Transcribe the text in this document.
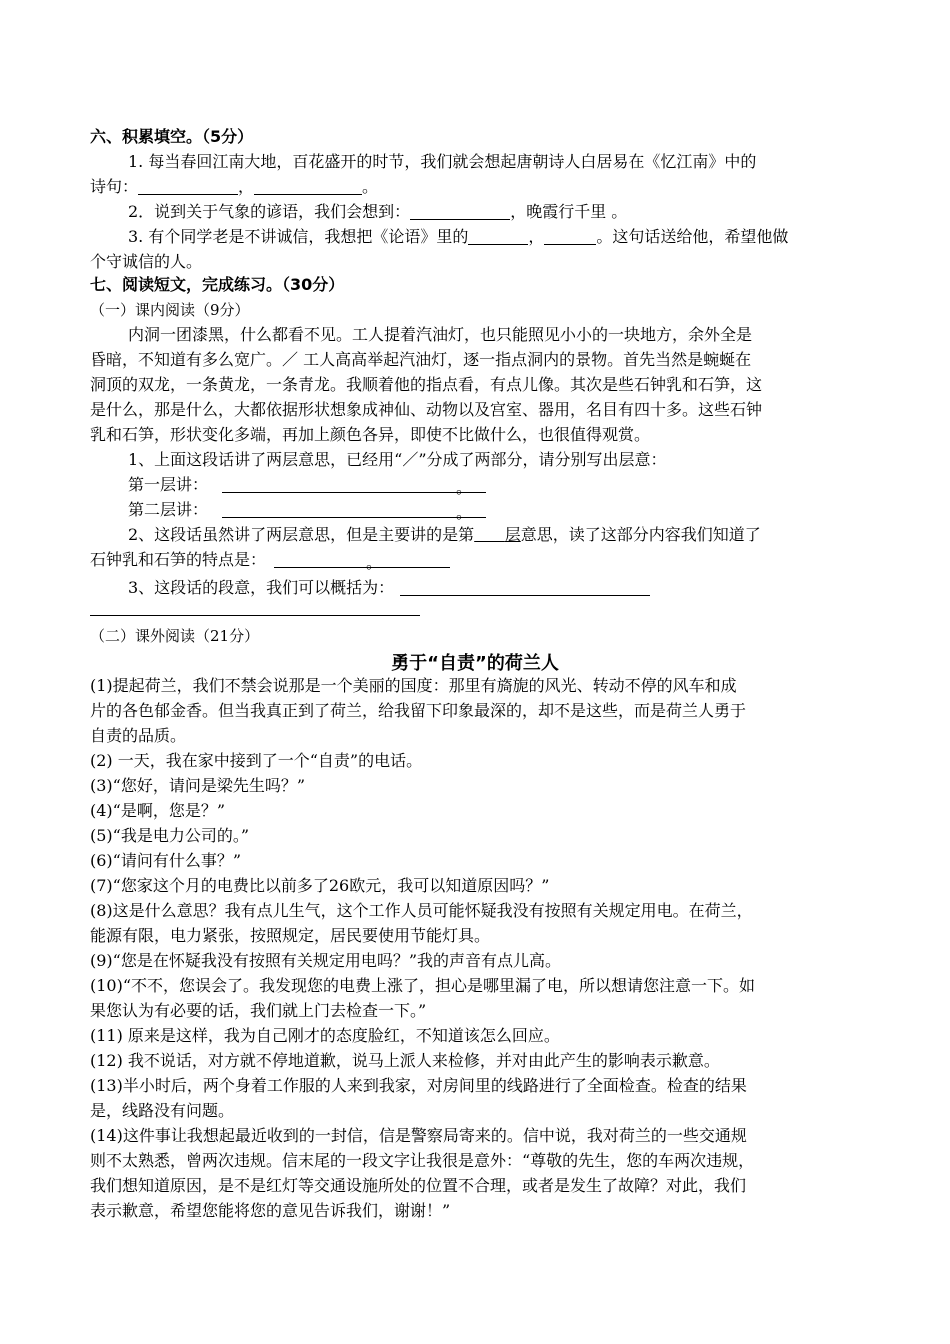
六、积累填空。（5分）
1. 每当春回江南大地，百花盛开的时节，我们就会想起唐朝诗人白居易在《忆江南》中的
诗句：	，	。
2．说到关于气象的谚语，我们会想到：	，晚霞行千里 。
3. 有个同学老是不讲诚信，我想把《论语》里的	，	。这句话送给他，希望他做
个守诚信的人。
七、阅读短文，完成练习。（30分）
（一）课内阅读（9分）
内洞一团漆黑，什么都看不见。工人提着汽油灯，也只能照见小小的一块地方，余外全是
昏暗，不知道有多么宽广。／ 工人高高举起汽油灯，逐一指点洞内的景物。首先当然是蜿蜒在
洞顶的双龙，一条黄龙，一条青龙。我顺着他的指点看，有点儿像。其次是些石钟乳和石笋，这
是什么，那是什么，大都依据形状想象成神仙、动物以及宫室、器用，名目有四十多。这些石钟
乳和石笋，形状变化多端，再加上颜色各异，即使不比做什么，也很值得观赏。
1、上面这段话讲了两层意思，已经用“／”分成了两部分，请分别写出层意：
第一层讲：	。
第二层讲：	。
2、这段话虽然讲了两层意思，但是主要讲的是第 层意思，读了这部分内容我们知道了
石钟乳和石笋的特点是：	。
3、这段话的段意，我们可以概括为：
（二）课外阅读（21分）
勇于“自责”的荷兰人
(1)提起荷兰，我们不禁会说那是一个美丽的国度：那里有旖旎的风光、转动不停的风车和成
片的各色郁金香。但当我真正到了荷兰，给我留下印象最深的，却不是这些，而是荷兰人勇于
自责的品质。
(2) 一天，我在家中接到了一个“自责”的电话。
(3)“您好，请问是梁先生吗？”
(4)“是啊，您是？”
(5)“我是电力公司的。”
(6)“请问有什么事？”
(7)“您家这个月的电费比以前多了26欧元，我可以知道原因吗？”
(8)这是什么意思？我有点儿生气，这个工作人员可能怀疑我没有按照有关规定用电。在荷兰，
能源有限，电力紧张，按照规定，居民要使用节能灯具。
(9)“您是在怀疑我没有按照有关规定用电吗？”我的声音有点儿高。
(10)“不不，您误会了。我发现您的电费上涨了，担心是哪里漏了电，所以想请您注意一下。如
果您认为有必要的话，我们就上门去检查一下。”
(11) 原来是这样，我为自己刚才的态度脸红，不知道该怎么回应。
(12) 我不说话，对方就不停地道歉，说马上派人来检修，并对由此产生的影响表示歉意。
(13)半小时后，两个身着工作服的人来到我家，对房间里的线路进行了全面检查。检查的结果
是，线路没有问题。
(14)这件事让我想起最近收到的一封信，信是警察局寄来的。信中说，我对荷兰的一些交通规
则不太熟悉，曾两次违规。信末尾的一段文字让我很是意外：“尊敬的先生，您的车两次违规，
我们想知道原因，是不是红灯等交通设施所处的位置不合理，或者是发生了故障？对此，我们
表示歉意，希望您能将您的意见告诉我们，谢谢！”
